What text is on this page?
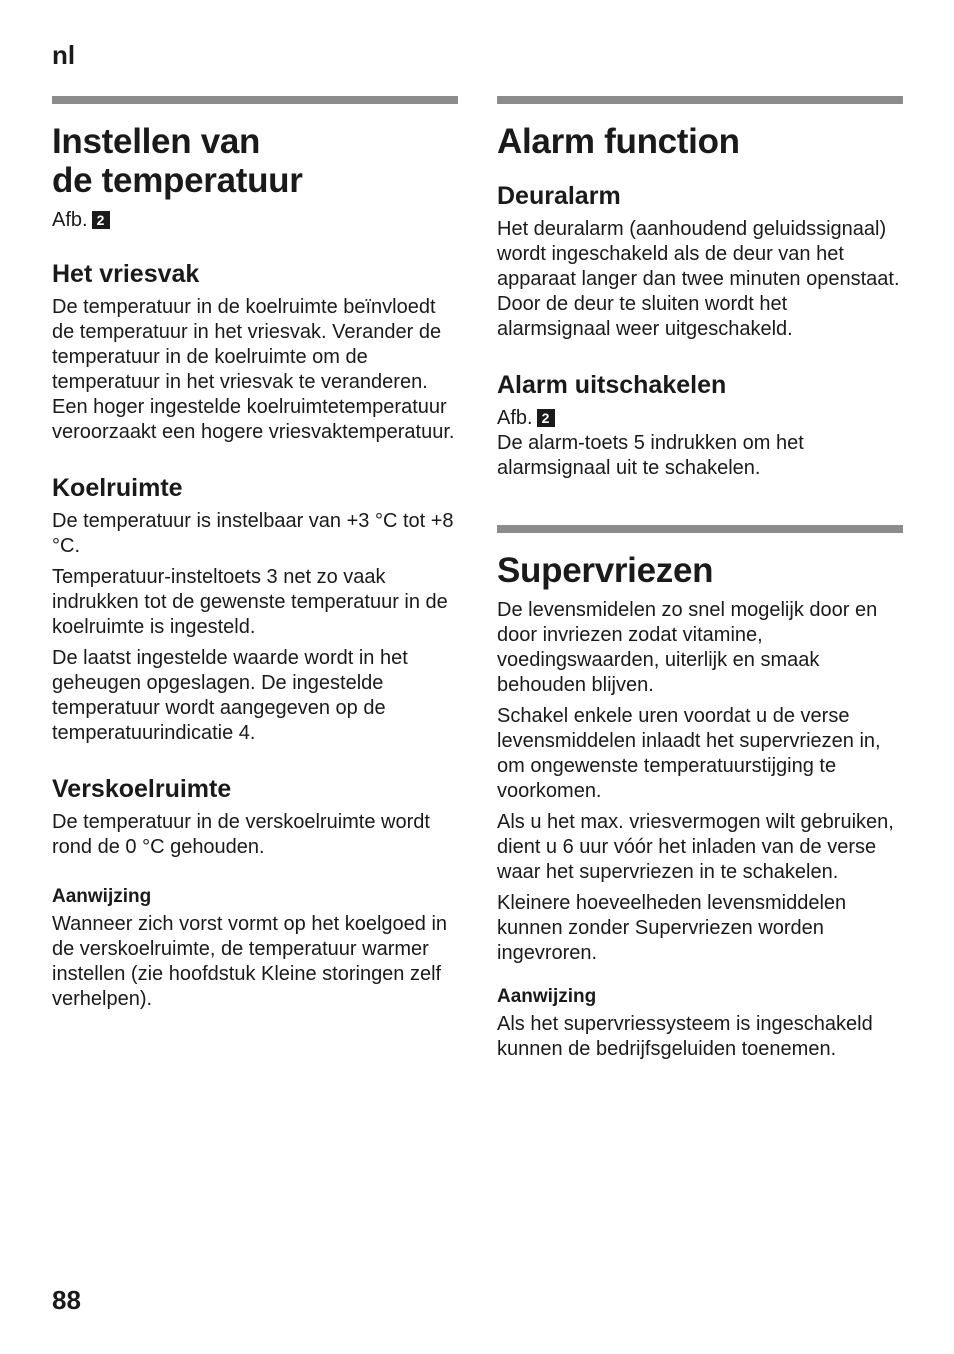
nl
Instellen van
de temperatuur
Afb. 2
Het vriesvak

De temperatuur in de koelruimte beïnvloedt de temperatuur in het vriesvak. Verander de temperatuur in de koelruimte om de temperatuur in het vriesvak te veranderen. Een hoger ingestelde koelruimtetemperatuur veroorzaakt een hogere vriesvaktemperatuur.

Koelruimte

De temperatuur is instelbaar van +3 °C tot +8 °C.

Temperatuur-insteltoets 3 net zo vaak indrukken tot de gewenste temperatuur in de koelruimte is ingesteld.

De laatst ingestelde waarde wordt in het geheugen opgeslagen. De ingestelde temperatuur wordt aangegeven op de temperatuurindicatie 4.

Verskoelruimte

De temperatuur in de verskoelruimte wordt rond de 0 °C gehouden.

Aanwijzing

Wanneer zich vorst vormt op het koelgoed in de verskoelruimte, de temperatuur warmer instellen (zie hoofdstuk Kleine storingen zelf verhelpen).

Alarm function
Deuralarm

Het deuralarm (aanhoudend geluidssignaal) wordt ingeschakeld als de deur van het apparaat langer dan twee minuten openstaat. Door de deur te sluiten wordt het alarmsignaal weer uitgeschakeld.

Alarm uitschakelen
Afb. 2

De alarm-toets 5 indrukken om het alarmsignaal uit te schakelen.

Supervriezen

De levensmidelen zo snel mogelijk door en door invriezen zodat vitamine, voedingswaarden, uiterlijk en smaak behouden blijven.

Schakel enkele uren voordat u de verse levensmiddelen inlaadt het supervriezen in, om ongewenste temperatuurstijging te voorkomen.

Als u het max. vriesvermogen wilt gebruiken, dient u 6 uur vóór het inladen van de verse waar het supervriezen in te schakelen.

Kleinere hoeveelheden levensmiddelen kunnen zonder Supervriezen worden ingevroren.

Aanwijzing

Als het supervriessysteem is ingeschakeld kunnen de bedrijfsgeluiden toenemen.

88
